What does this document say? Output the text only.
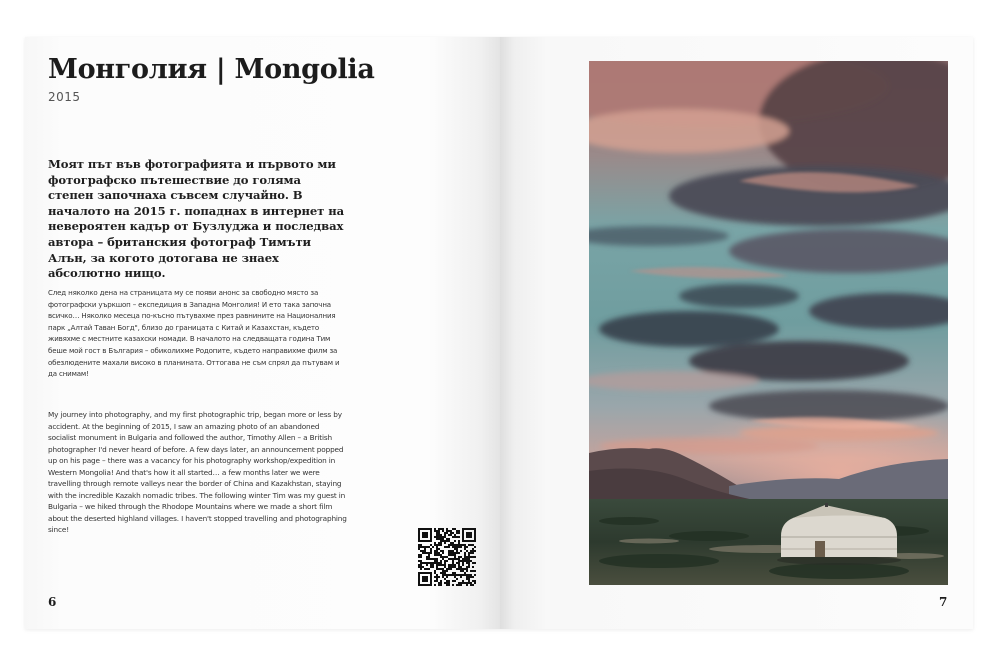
Монголия | Mongolia
2015

Моят път във фотографията и първото ми фотографско пътешествие до голяма степен започнаха съвсем случайно. В началото на 2015 г. попаднах в интернет на невероятен кадър от Бузлуджа и последвах автора – британския фотограф Тимъти Алън, за когото дотогава не знаех абсолютно нищо.

След няколко дена на страницата му се появи анонс за свободно място за фотографски уъркшоп – експедиция в Западна Монголия! И ето така започна всичко… Няколко месеца по-късно пътувахме през равнините на Националния парк „Алтай Таван Богд", близо до границата с Китай и Казахстан, където живяхме с местните казахски номади. В началото на следващата година Тим беше мой гост в България – обиколихме Родопите, където направихме филм за обезлюдените махали високо в планината. Оттогава не съм спрял да пътувам и да снимам!

My journey into photography, and my first photographic trip, began more or less by accident. At the beginning of 2015, I saw an amazing photo of an abandoned socialist monument in Bulgaria and followed the author, Timothy Allen – a British photographer I'd never heard of before. A few days later, an announcement popped up on his page – there was a vacancy for his photography workshop/expedition in Western Mongolia! And that's how it all started… a few months later we were travelling through remote valleys near the border of China and Kazakhstan, staying with the incredible Kazakh nomadic tribes. The following winter Tim was my guest in Bulgaria – we hiked through the Rhodope Mountains where we made a short film about the deserted highland villages. I haven't stopped travelling and photographing since!

6	7
